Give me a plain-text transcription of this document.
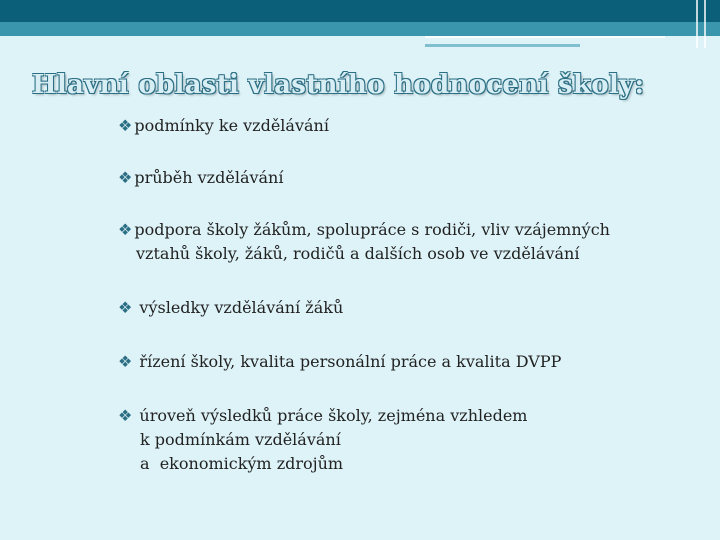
Hlavní oblasti vlastního hodnocení školy:
❖ podmínky ke vzdělávání
❖ průběh vzdělávání
❖ podpora školy žákům, spolupráce s rodiči, vliv vzájemných
vztahů školy, žáků, rodičů a dalších osob ve vzdělávání
❖ výsledky vzdělávání žáků
❖ řízení školy, kvalita personální práce a kvalita DVPP
❖ úroveň výsledků práce školy, zejména vzhledem
k podmínkám vzdělávání
a  ekonomickým zdrojům
